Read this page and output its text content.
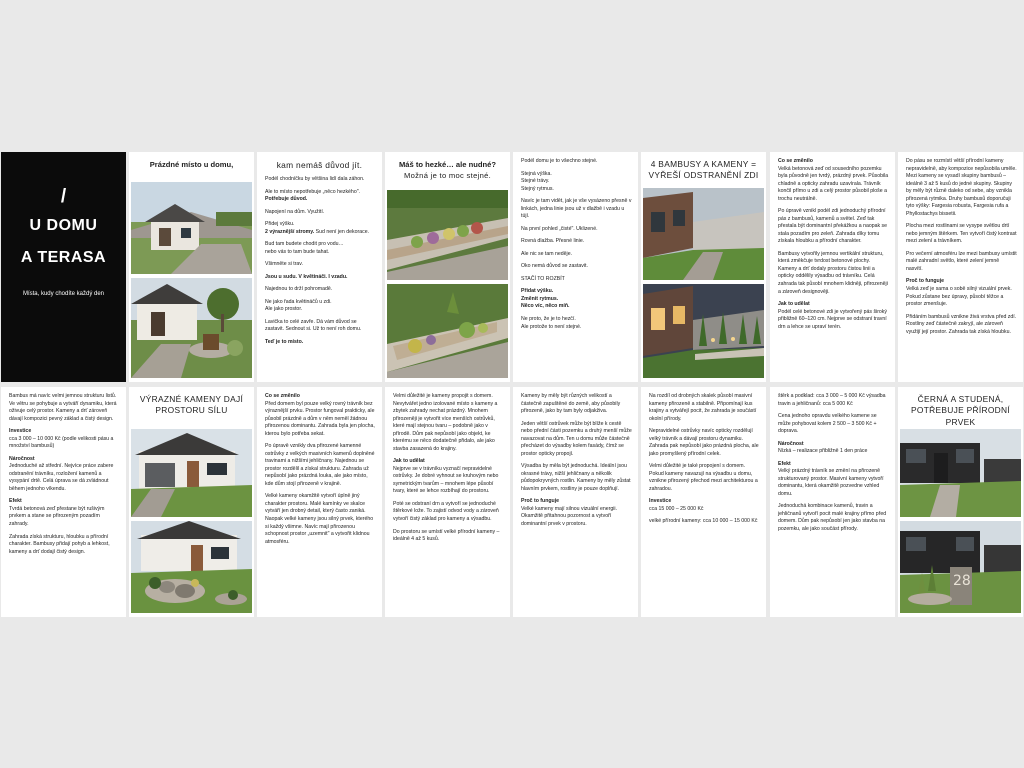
/
U DOMU
A TERASA
Místa, kudy chodíte každý den
Prázdné místo u domu,	kam nemáš důvod jít.

Podél chodníčku by většina lidí dala záhon.

Ale to místo nepotřebuje „něco hezkého".

Potřebuje důvod.

Napojení na dům. Využití.

Přidej výšku.

2 výraznější stromy. Sud není jen dekorace.

Bud tam budete chodit pro vodu…

nebo vás to tam bude tahat.

Všimněte si trav.

Jsou u sudu. V květináči. I vzadu.

Najednou to drží pohromadě.

Ne jako řada květináčů u zdi.

Ale jako prostor.

Lavička to celé zavře. Dá vám důvod se zastavit. Sednout si. Už to není roh domu.

Teď je to místo.

Máš to hezké… ale nudné?
Možná je to moc stejné.

Podél domu je to všechno stejné.

Stejná výška.

Stejné trávy.

Stejný rytmus.

Navíc je tam vidět, jak je vše vysázeno přesně v linkách, jedna linie jsou už v dlažbě i vzadu u tújí.

Na první pohled „čisté". Uklizené.

Rovná dlažba. Přesné linie.

Ale nic se tam neděje.

Oko nemá důvod se zastavit.

STAČÍ TO ROZBÍT

Přidat výšku.

Změnit rytmus.

Něco víc, něco míň.

Ne proto, že je to hezčí.

Ale protože to není stejné.

4 BAMBUSY A KAMENY = VYŘEŠÍ ODSTRANĚNÍ ZDI

Co se změnilo

Velká betonová zeď od sousedního pozemku byla původně jen tvrdý, prázdný prvek. Působila chladně a opticky zahradu uzavírala. Trávník končil přímo u zdi a celý prostor působil ploše a trochu neutrálně.

Po úpravě vznikl podél zdi jednoduchý přírodní pás z bambusů, kamenů a světel. Zeď tak přestala být dominantní překážkou a naopak se stala pozadím pro zeleň. Zahrada díky tomu získala hloubku a přírodní charakter.

Bambusy vytvořily jemnou vertikální strukturu, která změkčuje tvrdost betonové plochy. Kameny a drť dodaly prostoru čistou linii a opticky oddělily výsadbu od trávníku. Celá zahrada tak působí mnohem klidněji, přirozeněji a zároveň designověji.

Jak to udělat

Podél celé betonové zdi je vytvořený pás široký přibližně 60–120 cm. Nejprve se odstraní travní drn a lehce se upraví terén.

Do pásu se rozmístí větší přírodní kameny nepravidelně, aby kompozice nepůsobila uměle. Mezi kameny se vysadí skupiny bambusů – ideálně 3 až 5 kusů do jedné skupiny. Skupiny by měly být různě daleko od sebe, aby vznikla přirozená rytmika. Druhy bambusů doporučuji tyto výšky: Fargesia robusta, Fargesia rufa a Phyllostachys bissetii.

Plocha mezi rostlinami se vysype světlou drtí nebo jemným štěrkem. Ten vytvoří čistý kontrast mezi zelení a trávníkem.

Pro večerní atmosféru lze mezi bambusy umístit malé zahradní světlo, které zelení jemně nasvítí.

Proč to funguje

Velká zeď je sama o sobě silný vizuální prvek. Pokud zůstane bez úpravy, působí těžce a prostor zmenšuje.

Přidáním bambusů vznikne živá vrstva před zdí. Rostliny zeď částečně zakryjí, ale zároveň využijí její prostor. Zahrada tak získá hloubku.

Bambus má navíc velmi jemnou strukturu listů. Ve větru se pohybuje a vytváří dynamiku, která oživuje celý prostor. Kameny a drť zároveň dávají kompozici pevný základ a čistý design.

Investice

cca 3 000 – 10 000 Kč (podle velikosti pásu a množství bambusů)

Náročnost

Jednoduché až střední. Nejvíce práce zabere odstranění trávníku, rozložení kamenů a vysypání drtě. Celá úprava se dá zvládnout během jednoho víkendu.

Efekt

Tvrdá betonová zeď přestane být rušivým prvkem a stane se přirozeným pozadím zahrady.

Zahrada získá strukturu, hloubku a přírodní charakter. Bambusy přidají pohyb a lehkost, kameny a drť dodají čistý design.

VÝRAZNÉ KAMENY DAJÍ PROSTORU SÍLU

Co se změnilo

Před domem byl pouze velký rovný trávník bez výraznější prvku. Prostor fungoval prakticky, ale působil prázdně a dům v něm neměl žádnou přirozenou dominantu. Zahrada byla jen plocha, kterou bylo potřeba sekat.

Po úpravě vznikly dva přirozené kamenné ostrůvky z velkých masivních kamenů doplněné travinami a nižšími jehličnany. Najednou se prostor rozdělil a získal strukturu. Zahrada už nepůsobí jako prázdná louka, ale jako místo, kde dům stojí přirozeně v krajině.

Velké kameny okamžitě vytvoří úplně jiný charakter prostoru. Malé kamínky ve skalce vytváří jen drobný detail, který často zaniká. Naopak velké kameny jsou silný prvek, kterého si každý všimne. Navíc mají přirozenou schopnost prostor „uzemnit" a vytvořit klidnou atmosféru.

Velmi důležité je kameny propojit s domem. Nevytvářet jedno izolované místo s kameny a zbytek zahrady nechat prázdný. Mnohem přirozeněji je vytvořit více menších ostrůvků, které mají stejnou tvaru – podobně jako v přírodě. Dům pak nepůsobí jako objekt, ke kterému se něco dodatečně přidalo, ale jako stavba zasazená do krajiny.

Jak to udělat

Nejprve se v trávníku vyznačí nepravidelné ostrůvky. Je dobré vyhnout se kruhovým nebo symetrickým tvarům – mnohem lépe působí tvary, které se lehce rozbíhají do prostoru.

Poté se odstraní drn a vytvoří se jednoduché štěrkové lože. To zajistí odvod vody a zároveň vytvoří čistý základ pro kameny a výsadbu.

Do prostoru se umístí velké přírodní kameny – ideálně 4 až 5 kusů.

Kameny by měly být různých velikostí a částečně zapuštěné do země, aby působily přirozeně, jako by tam byly odjakživa.

Jeden větší ostrůvek může být blíže k cestě nebo přední části pozemku a druhý menší může navazovat na dům. Ten u domu může částečně přecházet do výsadby kolem fasády, čímž se prostor opticky propojí.

Výsadba by měla být jednoduchá. Ideální jsou okrasné trávy, nižší jehličnany a několik půdopokryvných rostlin. Kameny by měly zůstat hlavním prvkem, rostliny je pouze doplňují.

Proč to funguje

Velké kameny mají silnou vizuální energii. Okamžitě přitahnou pozornost a vytvoří dominantní prvek v prostoru.

Na rozdíl od drobných skalek působí masivní kameny přirozeně a stabilně. Připomínají kus krajiny a vytvářejí pocit, že zahrada je součástí okolní přírody.

Nepravidelné ostrůvky navíc opticky rozdělují velký trávník a dávají prostoru dynamiku. Zahrada pak nepůsobí jako prázdná plocha, ale jako promyšlený přírodní celek.

Velmi důležité je také propojení s domem. Pokud kameny navazují na výsadbu u domu, vznikne přirozený přechod mezi architekturou a zahradou.

Investice

cca 15 000 – 25 000 Kč

velké přírodní kameny: cca 10 000 – 15 000 Kč

štěrk a podklad: cca 3 000 – 5 000 Kč výsadba travin a jehličnanů: cca 5 000 Kč

Cena jednoho opravdu velkého kamene se může pohybovat kolem 2 500 – 3 500 Kč + doprava.

Náročnost

Nízká – realizace přibližně 1 den práce

Efekt

Velký prázdný trávník se změní na přirozeně strukturovaný prostor. Masivní kameny vytvoří dominantu, která okamžitě pozvedne vzhled domu.

Jednoduchá kombinace kamenů, travin a jehličnanů vytvoří pocit malé krajiny přímo před domem. Dům pak nepůsobí jen jako stavba na pozemku, ale jako součást přírody.

ČERNÁ A STUDENÁ, POTŘEBUJE PŘÍRODNÍ PRVEK
28
